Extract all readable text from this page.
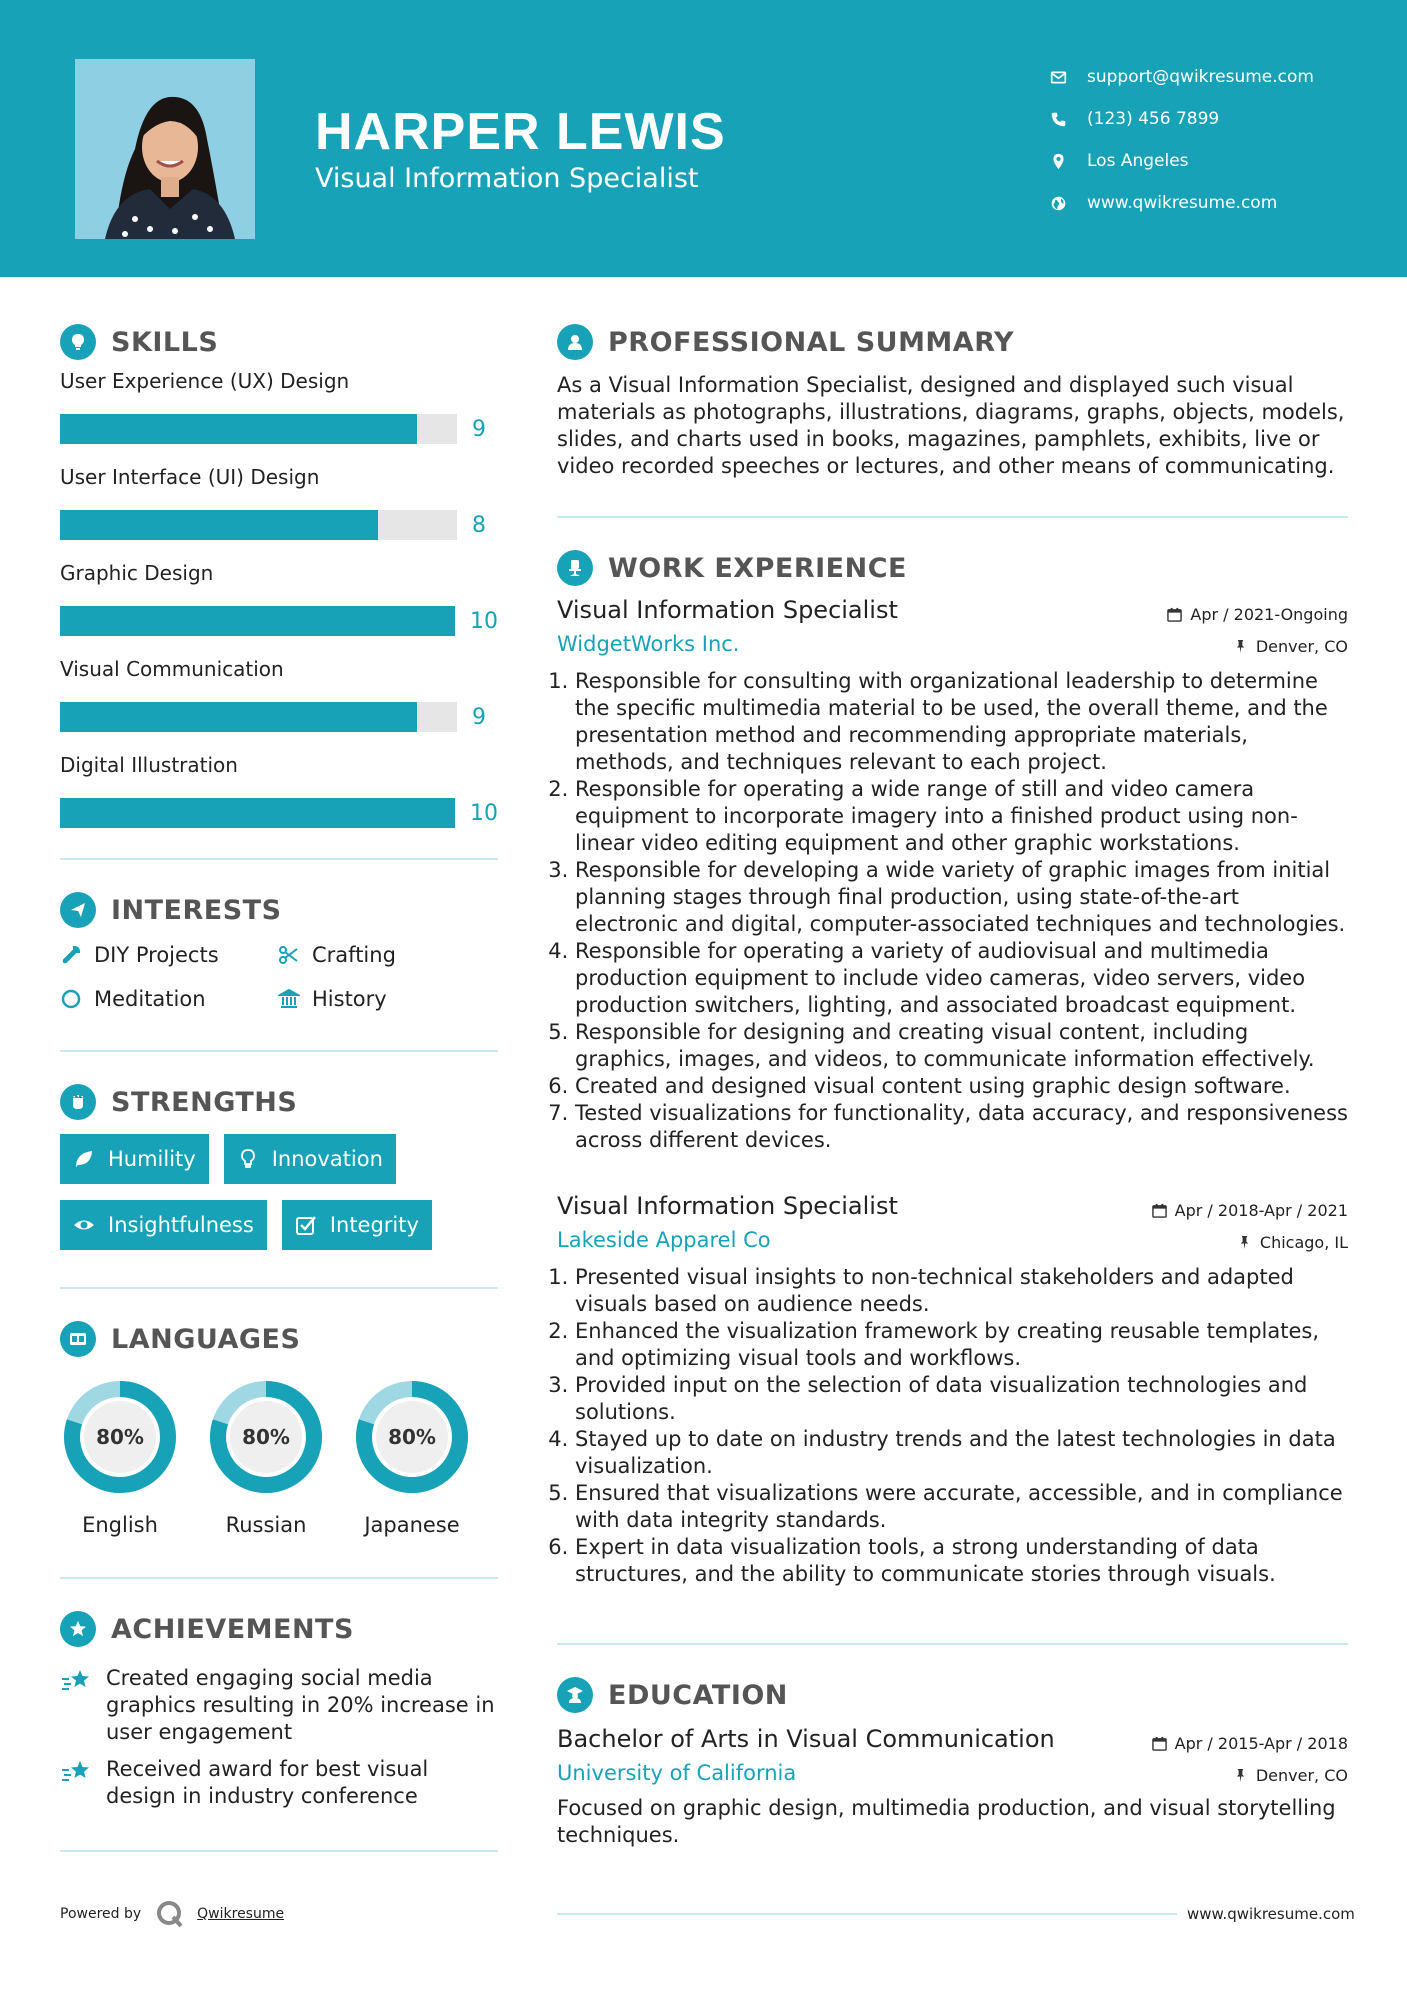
HARPER LEWIS
Visual Information Specialist
support@qwikresume.com
(123) 456 7899
Los Angeles
www.qwikresume.com
SKILLS
User Experience (UX) Design
9
User Interface (UI) Design
8
Graphic Design
10
Visual Communication
9
Digital Illustration
10
INTERESTS
DIY Projects	Crafting
Meditation	History
STRENGTHS
Humility	Innovation
Insightfulness	Integrity
LANGUAGES
80%
English
80%
Russian
80%
Japanese
ACHIEVEMENTS
Created engaging social media graphics resulting in 20% increase in user engagement
Received award for best visual design in industry conference
PROFESSIONAL SUMMARY
As a Visual Information Specialist, designed and displayed such visual materials as photographs, illustrations, diagrams, graphs, objects, models, slides, and charts used in books, magazines, pamphlets, exhibits, live or video recorded speeches or lectures, and other means of communicating.
WORK EXPERIENCE
Visual Information Specialist	Apr / 2021-Ongoing
WidgetWorks Inc.	Denver, CO
1. Responsible for consulting with organizational leadership to determine the specific multimedia material to be used, the overall theme, and the presentation method and recommending appropriate materials, methods, and techniques relevant to each project.
2. Responsible for operating a wide range of still and video camera equipment to incorporate imagery into a finished product using non-linear video editing equipment and other graphic workstations.
3. Responsible for developing a wide variety of graphic images from initial planning stages through final production, using state-of-the-art electronic and digital, computer-associated techniques and technologies.
4. Responsible for operating a variety of audiovisual and multimedia production equipment to include video cameras, video servers, video production switchers, lighting, and associated broadcast equipment.
5. Responsible for designing and creating visual content, including graphics, images, and videos, to communicate information effectively.
6. Created and designed visual content using graphic design software.
7. Tested visualizations for functionality, data accuracy, and responsiveness across different devices.
Visual Information Specialist	Apr / 2018-Apr / 2021
Lakeside Apparel Co	Chicago, IL
1. Presented visual insights to non-technical stakeholders and adapted visuals based on audience needs.
2. Enhanced the visualization framework by creating reusable templates, and optimizing visual tools and workflows.
3. Provided input on the selection of data visualization technologies and solutions.
4. Stayed up to date on industry trends and the latest technologies in data visualization.
5. Ensured that visualizations were accurate, accessible, and in compliance with data integrity standards.
6. Expert in data visualization tools, a strong understanding of data structures, and the ability to communicate stories through visuals.
EDUCATION
Bachelor of Arts in Visual Communication	Apr / 2015-Apr / 2018
University of California	Denver, CO
Focused on graphic design, multimedia production, and visual storytelling techniques.
Powered by	Qwikresume	www.qwikresume.com
